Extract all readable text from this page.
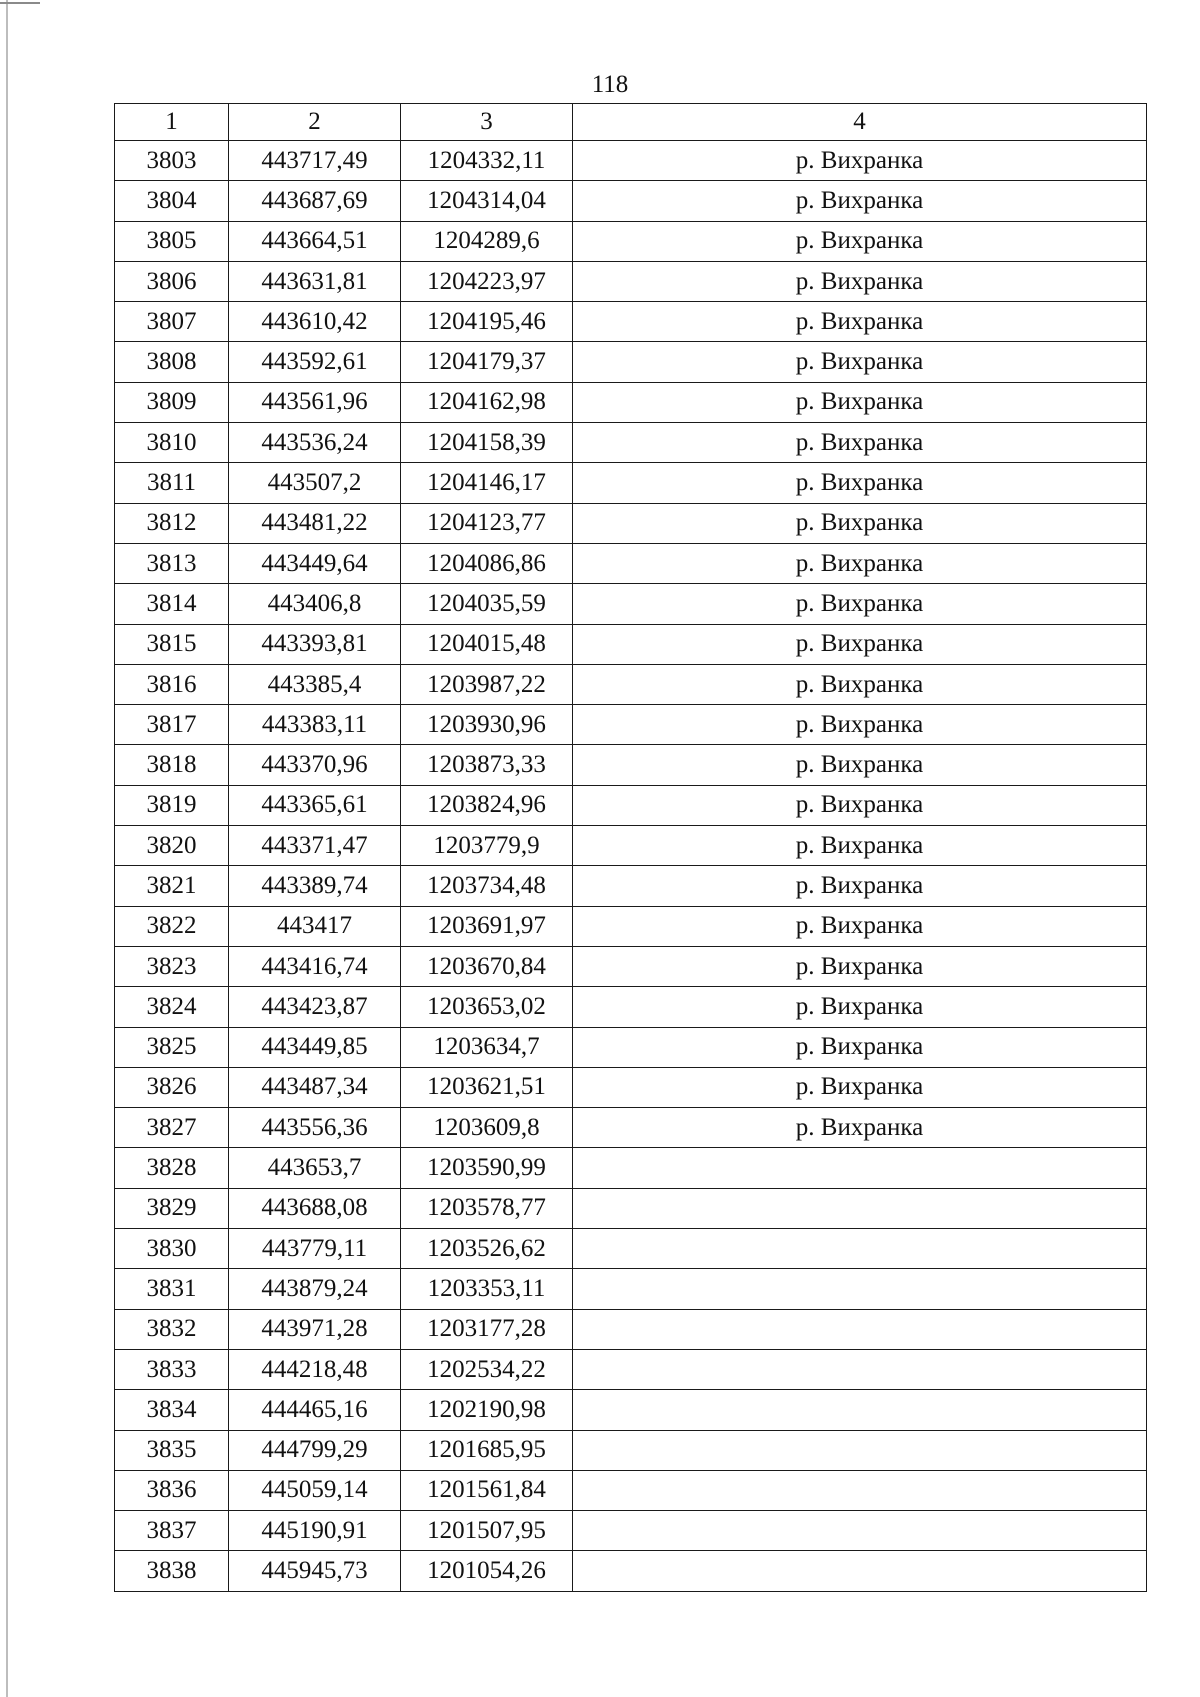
118
1	2	3	4
3803	443717,49	1204332,11	р. Вихранка
3804	443687,69	1204314,04	р. Вихранка
3805	443664,51	1204289,6	р. Вихранка
3806	443631,81	1204223,97	р. Вихранка
3807	443610,42	1204195,46	р. Вихранка
3808	443592,61	1204179,37	р. Вихранка
3809	443561,96	1204162,98	р. Вихранка
3810	443536,24	1204158,39	р. Вихранка
3811	443507,2	1204146,17	р. Вихранка
3812	443481,22	1204123,77	р. Вихранка
3813	443449,64	1204086,86	р. Вихранка
3814	443406,8	1204035,59	р. Вихранка
3815	443393,81	1204015,48	р. Вихранка
3816	443385,4	1203987,22	р. Вихранка
3817	443383,11	1203930,96	р. Вихранка
3818	443370,96	1203873,33	р. Вихранка
3819	443365,61	1203824,96	р. Вихранка
3820	443371,47	1203779,9	р. Вихранка
3821	443389,74	1203734,48	р. Вихранка
3822	443417	1203691,97	р. Вихранка
3823	443416,74	1203670,84	р. Вихранка
3824	443423,87	1203653,02	р. Вихранка
3825	443449,85	1203634,7	р. Вихранка
3826	443487,34	1203621,51	р. Вихранка
3827	443556,36	1203609,8	р. Вихранка
3828	443653,7	1203590,99	
3829	443688,08	1203578,77	
3830	443779,11	1203526,62	
3831	443879,24	1203353,11	
3832	443971,28	1203177,28	
3833	444218,48	1202534,22	
3834	444465,16	1202190,98	
3835	444799,29	1201685,95	
3836	445059,14	1201561,84	
3837	445190,91	1201507,95	
3838	445945,73	1201054,26	
